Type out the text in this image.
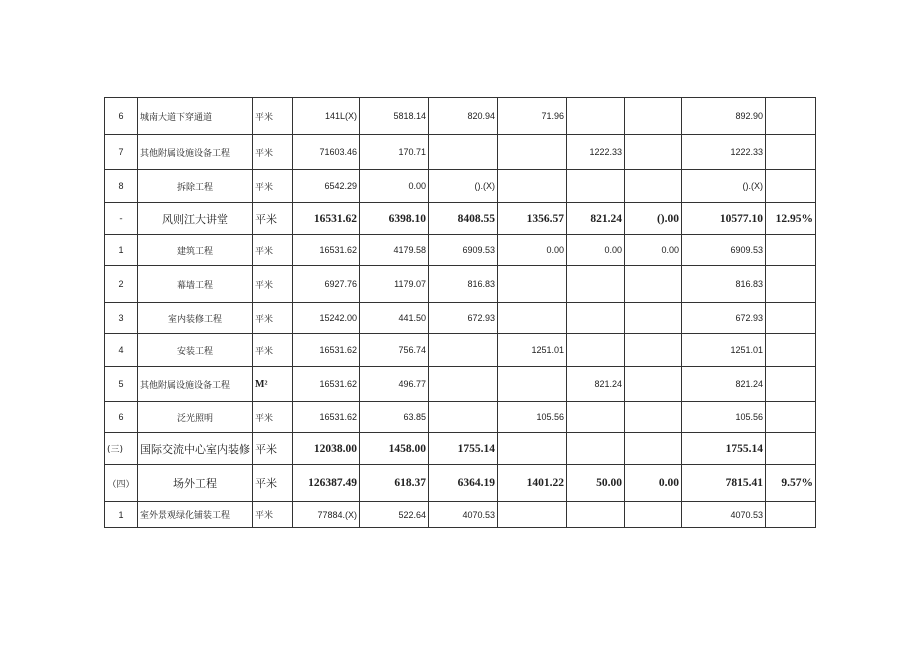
6	城南大道下穿通道	平米	141L(X)	5818.14	820.94	71.96			892.90	
7	其他附属设施设备工程	平米	71603.46	170.71			1222.33		1222.33	
8	拆除工程	平米	6542.29	0.00	().(X)				().(X)	
-	风则江大讲堂	平米	16531.62	6398.10	8408.55	1356.57	821.24	().00	10577.10	12.95%
1	建筑工程	平米	16531.62	4179.58	6909.53	0.00	0.00	0.00	6909.53	
2	幕墙工程	平米	6927.76	1179.07	816.83				816.83	
3	室内装修工程	平米	15242.00	441.50	672.93				672.93	
4	安装工程	平米	16531.62	756.74		1251.01			1251.01	
5	其他附属设施设备工程	M²	16531.62	496.77			821.24		821.24	
6	泛光照明	平米	16531.62	63.85		105.56			105.56	
(三)	国际交流中心室内装修	平米	12038.00	1458.00	1755.14				1755.14	
（四）	场外工程	平米	126387.49	618.37	6364.19	1401.22	50.00	0.00	7815.41	9.57%
1	室外景观绿化铺装工程	平米	77884.(X)	522.64	4070.53				4070.53	
